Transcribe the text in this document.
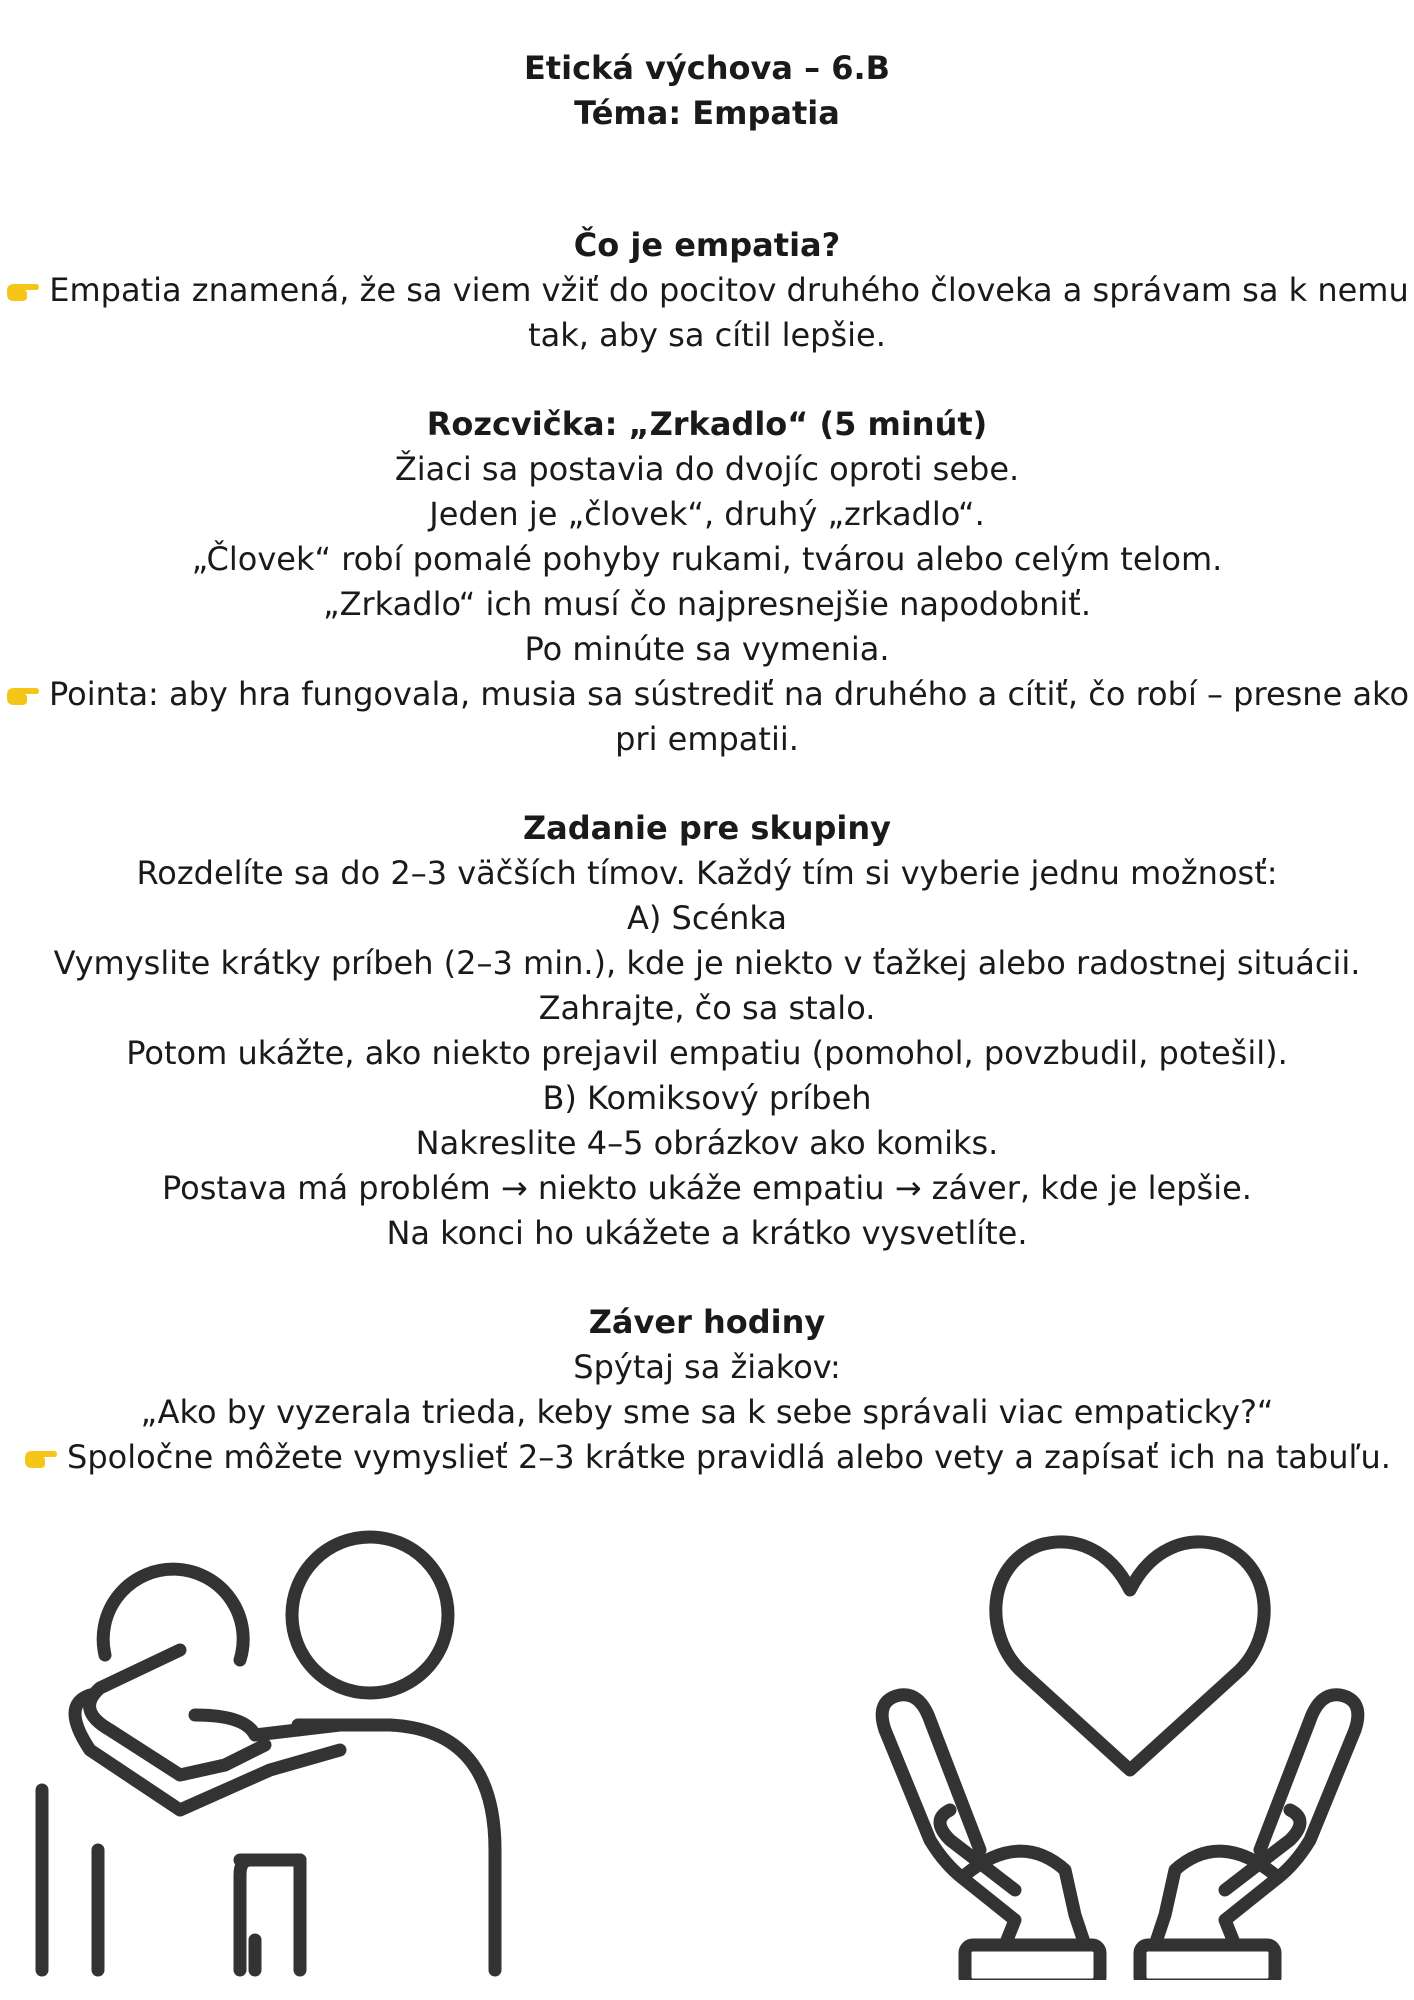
Etická výchova – 6.B
Téma: Empatia
Čo je empatia?
Empatia znamená, že sa viem vžiť do pocitov druhého človeka a správam sa k nemu
tak, aby sa cítil lepšie.
Rozcvička: „Zrkadlo“ (5 minút)
Žiaci sa postavia do dvojíc oproti sebe.
Jeden je „človek“, druhý „zrkadlo“.
„Človek“ robí pomalé pohyby rukami, tvárou alebo celým telom.
„Zrkadlo“ ich musí čo najpresnejšie napodobniť.
Po minúte sa vymenia.
Pointa: aby hra fungovala, musia sa sústrediť na druhého a cítiť, čo robí – presne ako
pri empatii.
Zadanie pre skupiny
Rozdelíte sa do 2–3 väčších tímov. Každý tím si vyberie jednu možnosť:
A) Scénka
Vymyslite krátky príbeh (2–3 min.), kde je niekto v ťažkej alebo radostnej situácii.
Zahrajte, čo sa stalo.
Potom ukážte, ako niekto prejavil empatiu (pomohol, povzbudil, potešil).
B) Komiksový príbeh
Nakreslite 4–5 obrázkov ako komiks.
Postava má problém → niekto ukáže empatiu → záver, kde je lepšie.
Na konci ho ukážete a krátko vysvetlíte.
Záver hodiny
Spýtaj sa žiakov:
„Ako by vyzerala trieda, keby sme sa k sebe správali viac empaticky?“
Spoločne môžete vymyslieť 2–3 krátke pravidlá alebo vety a zapísať ich na tabuľu.
